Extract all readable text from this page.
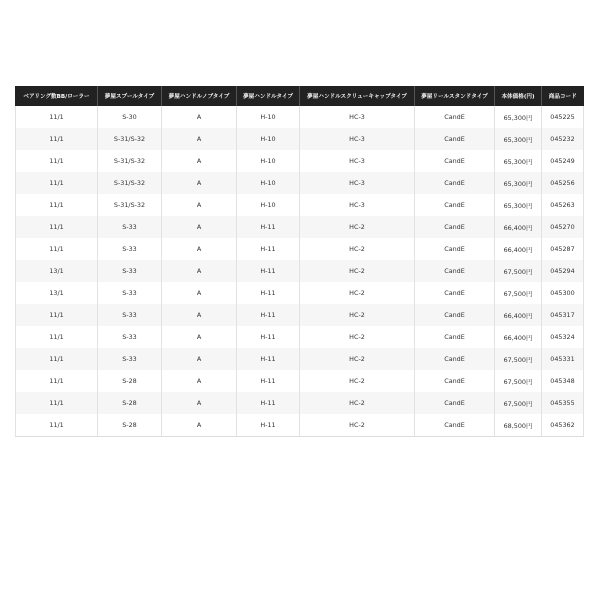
ベアリング数BB/ローラー	夢屋スプールタイプ	夢屋ハンドルノブタイプ	夢屋ハンドルタイプ	夢屋ハンドルスクリューキャップタイプ	夢屋リールスタンドタイプ	本体価格(円)	商品コード
11/1	S-30	A	H-10	HC-3	CandE	65,300円	045225
11/1	S-31/S-32	A	H-10	HC-3	CandE	65,300円	045232
11/1	S-31/S-32	A	H-10	HC-3	CandE	65,300円	045249
11/1	S-31/S-32	A	H-10	HC-3	CandE	65,300円	045256
11/1	S-31/S-32	A	H-10	HC-3	CandE	65,300円	045263
11/1	S-33	A	H-11	HC-2	CandE	66,400円	045270
11/1	S-33	A	H-11	HC-2	CandE	66,400円	045287
13/1	S-33	A	H-11	HC-2	CandE	67,500円	045294
13/1	S-33	A	H-11	HC-2	CandE	67,500円	045300
11/1	S-33	A	H-11	HC-2	CandE	66,400円	045317
11/1	S-33	A	H-11	HC-2	CandE	66,400円	045324
11/1	S-33	A	H-11	HC-2	CandE	67,500円	045331
11/1	S-28	A	H-11	HC-2	CandE	67,500円	045348
11/1	S-28	A	H-11	HC-2	CandE	67,500円	045355
11/1	S-28	A	H-11	HC-2	CandE	68,500円	045362
